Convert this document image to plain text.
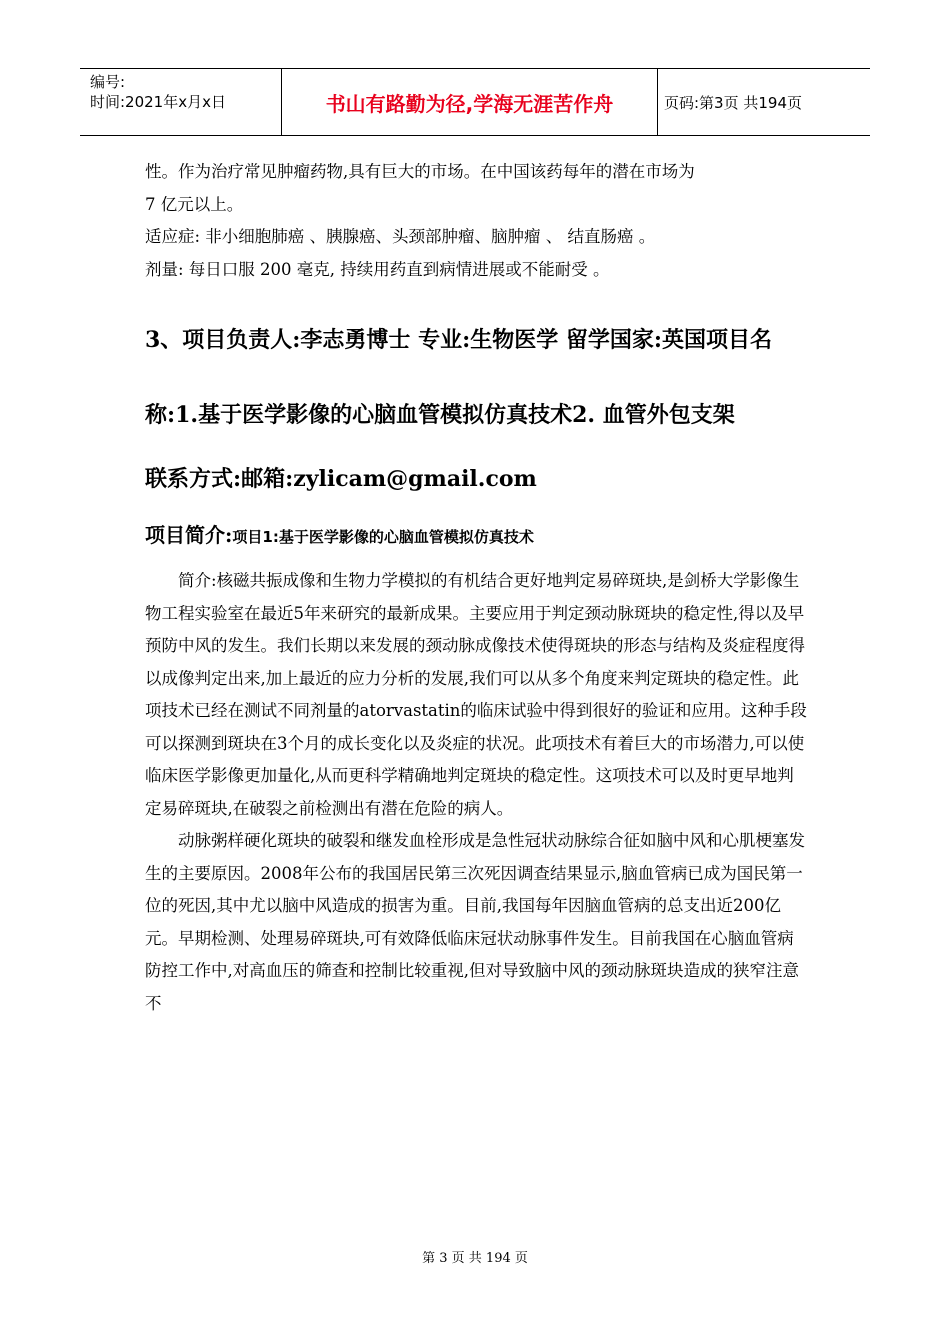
编号:
时间:2021年x月x日	书山有路勤为径,学海无涯苦作舟	页码:第3页 共194页

性。作为治疗常见肿瘤药物,具有巨大的市场。在中国该药每年的潜在市场为

7 亿元以上。

适应症: 非小细胞肺癌 、胰腺癌、头颈部肿瘤、脑肿瘤 、 结直肠癌 。

剂量: 每日口服 200 毫克, 持续用药直到病情进展或不能耐受 。

3、项目负责人:李志勇博士 专业:生物医学 留学国家:英国项目名称:1.基于医学影像的心脑血管模拟仿真技术2. 血管外包支架

联系方式:邮箱:zylicam@gmail.com

项目简介:项目1:基于医学影像的心脑血管模拟仿真技术

简介:核磁共振成像和生物力学模拟的有机结合更好地判定易碎斑块,是剑桥大学影像生物工程实验室在最近5年来研究的最新成果。主要应用于判定颈动脉斑块的稳定性,得以及早预防中风的发生。我们长期以来发展的颈动脉成像技术使得斑块的形态与结构及炎症程度得以成像判定出来,加上最近的应力分析的发展,我们可以从多个角度来判定斑块的稳定性。此项技术已经在测试不同剂量的atorvastatin的临床试验中得到很好的验证和应用。这种手段可以探测到斑块在3个月的成长变化以及炎症的状况。此项技术有着巨大的市场潜力,可以使临床医学影像更加量化,从而更科学精确地判定斑块的稳定性。这项技术可以及时更早地判定易碎斑块,在破裂之前检测出有潜在危险的病人。

动脉粥样硬化斑块的破裂和继发血栓形成是急性冠状动脉综合征如脑中风和心肌梗塞发生的主要原因。2008年公布的我国居民第三次死因调查结果显示,脑血管病已成为国民第一位的死因,其中尤以脑中风造成的损害为重。目前,我国每年因脑血管病的总支出近200亿元。早期检测、处理易碎斑块,可有效降低临床冠状动脉事件发生。目前我国在心脑血管病防控工作中,对高血压的筛查和控制比较重视,但对导致脑中风的颈动脉斑块造成的狭窄注意不

第 3 页 共 194 页
